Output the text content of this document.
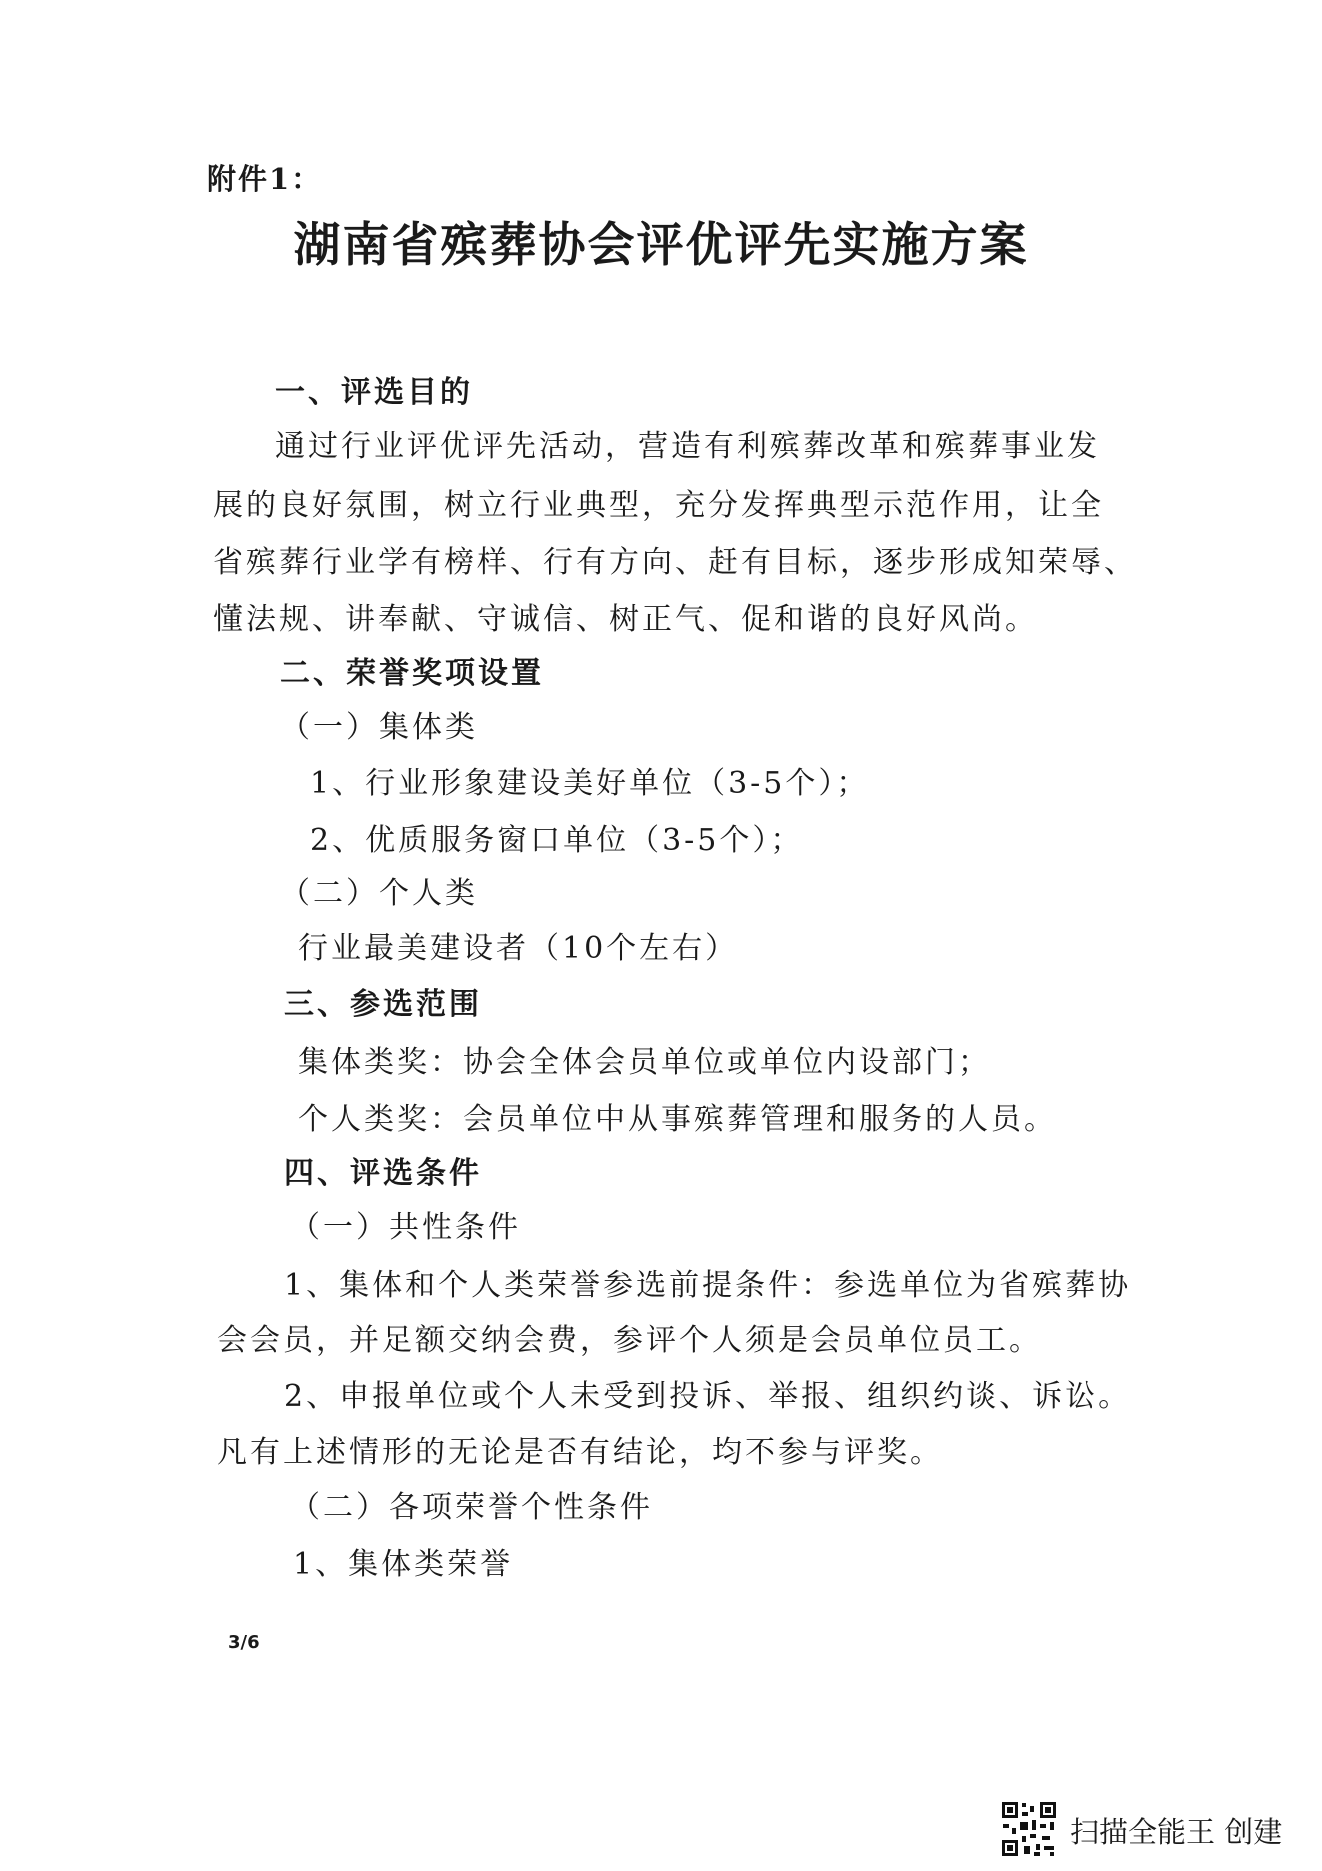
附件1：
湖南省殡葬协会评优评先实施方案
一、评选目的
通过行业评优评先活动，营造有利殡葬改革和殡葬事业发
展的良好氛围，树立行业典型，充分发挥典型示范作用，让全
省殡葬行业学有榜样、行有方向、赶有目标，逐步形成知荣辱、
懂法规、讲奉献、守诚信、树正气、促和谐的良好风尚。
二、荣誉奖项设置
（一）集体类
1、行业形象建设美好单位（3-5个）；
2、优质服务窗口单位（3-5个）；
（二）个人类
行业最美建设者（10个左右）
三、参选范围
集体类奖：协会全体会员单位或单位内设部门；
个人类奖：会员单位中从事殡葬管理和服务的人员。
四、评选条件
（一）共性条件
1、集体和个人类荣誉参选前提条件：参选单位为省殡葬协
会会员，并足额交纳会费，参评个人须是会员单位员工。
2、申报单位或个人未受到投诉、举报、组织约谈、诉讼。
凡有上述情形的无论是否有结论，均不参与评奖。
（二）各项荣誉个性条件
1、集体类荣誉
3/6
扫描全能王 创建
